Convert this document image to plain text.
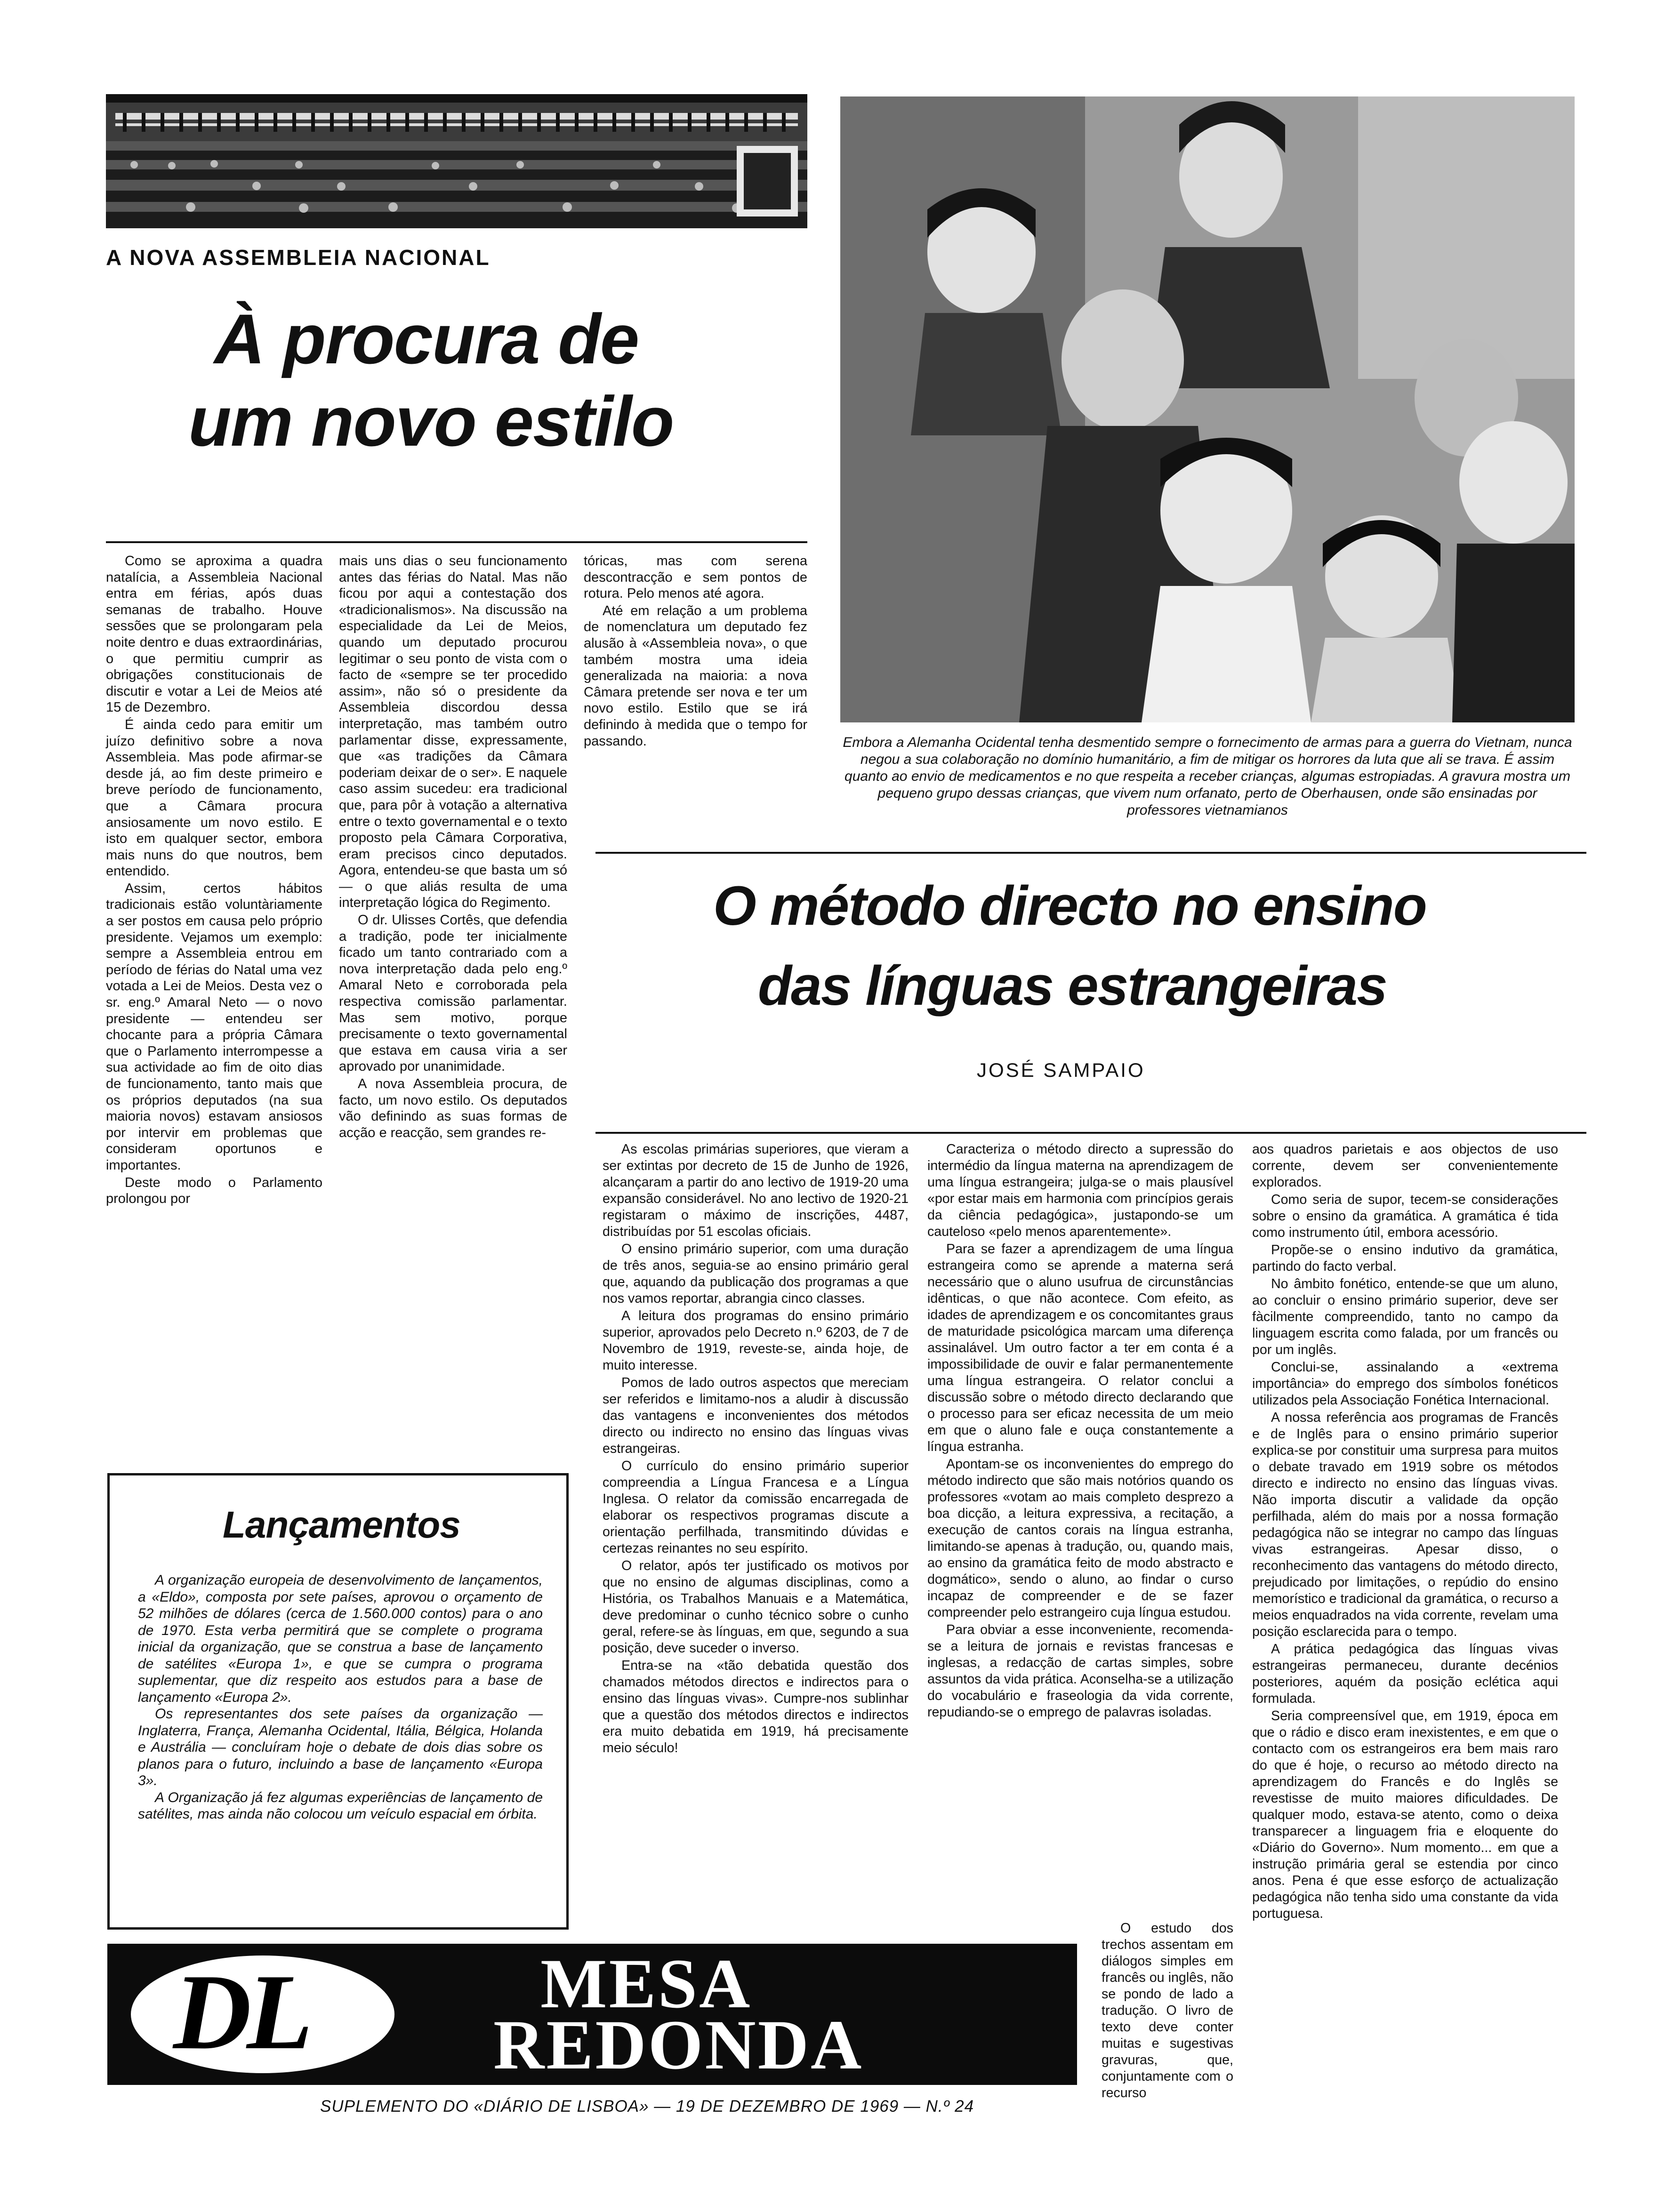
A NOVA ASSEMBLEIA NACIONAL
À procura de
um novo estilo

Como se aproxima a quadra natalícia, a Assembleia Nacional entra em férias, após duas semanas de trabalho. Houve sessões que se prolongaram pela noite dentro e duas extraordinárias, o que permitiu cumprir as obrigações constitucionais de discutir e votar a Lei de Meios até 15 de Dezembro.

É ainda cedo para emitir um juízo definitivo sobre a nova Assembleia. Mas pode afirmar-se desde já, ao fim deste primeiro e breve período de funcionamento, que a Câmara procura ansiosamente um novo estilo. E isto em qualquer sector, embora mais nuns do que noutros, bem entendido.

Assim, certos hábitos tradicionais estão voluntàriamente a ser postos em causa pelo próprio presidente. Vejamos um exemplo: sempre a Assembleia entrou em período de férias do Natal uma vez votada a Lei de Meios. Desta vez o sr. eng.º Amaral Neto — o novo presidente — entendeu ser chocante para a própria Câmara que o Parlamento interrompesse a sua actividade ao fim de oito dias de funcionamento, tanto mais que os próprios deputados (na sua maioria novos) estavam ansiosos por intervir em problemas que consideram oportunos e importantes.

Deste modo o Parlamento prolongou por

mais uns dias o seu funcionamento antes das férias do Natal. Mas não ficou por aqui a contestação dos «tradicionalismos». Na discussão na especialidade da Lei de Meios, quando um deputado procurou legitimar o seu ponto de vista com o facto de «sempre se ter procedido assim», não só o presidente da Assembleia discordou dessa interpretação, mas também outro parlamentar disse, expressamente, que «as tradições da Câmara poderiam deixar de o ser». E naquele caso assim sucedeu: era tradicional que, para pôr à votação a alternativa entre o texto governamental e o texto proposto pela Câmara Corporativa, eram precisos cinco deputados. Agora, entendeu-se que basta um só — o que aliás resulta de uma interpretação lógica do Regimento.

O dr. Ulisses Cortês, que defendia a tradição, pode ter inicialmente ficado um tanto contrariado com a nova interpretação dada pelo eng.º Amaral Neto e corroborada pela respectiva comissão parlamentar. Mas sem motivo, porque precisamente o texto governamental que estava em causa viria a ser aprovado por unanimidade.

A nova Assembleia procura, de facto, um novo estilo. Os deputados vão definindo as suas formas de acção e reacção, sem grandes re-

tóricas, mas com serena descontracção e sem pontos de rotura. Pelo menos até agora.

Até em relação a um problema de nomenclatura um deputado fez alusão à «Assembleia nova», o que também mostra uma ideia generalizada na maioria: a nova Câmara pretende ser nova e ter um novo estilo. Estilo que se irá definindo à medida que o tempo for passando.	Embora a Alemanha Ocidental tenha desmentido sempre o fornecimento de armas para a guerra do Vietnam, nunca negou a sua colaboração no domínio humanitário, a fim de mitigar os horrores da luta que ali se trava. É assim quanto ao envio de medicamentos e no que respeita a receber crianças, algumas estropiadas. A gravura mostra um pequeno grupo dessas crianças, que vivem num orfanato, perto de Oberhausen, onde são ensinadas por professores vietnamianos
O método directo no ensino
das línguas estrangeiras
JOSÉ SAMPAIO

As escolas primárias superiores, que vieram a ser extintas por decreto de 15 de Junho de 1926, alcançaram a partir do ano lectivo de 1919-20 uma expansão considerável. No ano lectivo de 1920-21 registaram o máximo de inscrições, 4487, distribuídas por 51 escolas oficiais.

O ensino primário superior, com uma duração de três anos, seguia-se ao ensino primário geral que, aquando da publicação dos programas a que nos vamos reportar, abrangia cinco classes.

A leitura dos programas do ensino primário superior, aprovados pelo Decreto n.º 6203, de 7 de Novembro de 1919, reveste-se, ainda hoje, de muito interesse.

Pomos de lado outros aspectos que mereciam ser referidos e limitamo-nos a aludir à discussão das vantagens e inconvenientes dos métodos directo ou indirecto no ensino das línguas vivas estrangeiras.

O currículo do ensino primário superior compreendia a Língua Francesa e a Língua Inglesa. O relator da comissão encarregada de elaborar os respectivos programas discute a orientação perfilhada, transmitindo dúvidas e certezas reinantes no seu espírito.

O relator, após ter justificado os motivos por que no ensino de algumas disciplinas, como a História, os Trabalhos Manuais e a Matemática, deve predominar o cunho técnico sobre o cunho geral, refere-se às línguas, em que, segundo a sua posição, deve suceder o inverso.

Entra-se na «tão debatida questão dos chamados métodos directos e indirectos para o ensino das línguas vivas». Cumpre-nos sublinhar que a questão dos métodos directos e indirectos era muito debatida em 1919, há precisamente meio século!

Caracteriza o método directo a supressão do intermédio da língua materna na aprendizagem de uma língua estrangeira; julga-se o mais plausível «por estar mais em harmonia com princípios gerais da ciência pedagógica», justapondo-se um cauteloso «pelo menos aparentemente».

Para se fazer a aprendizagem de uma língua estrangeira como se aprende a materna será necessário que o aluno usufrua de circunstâncias idênticas, o que não acontece. Com efeito, as idades de aprendizagem e os concomitantes graus de maturidade psicológica marcam uma diferença assinalável. Um outro factor a ter em conta é a impossibilidade de ouvir e falar permanentemente uma língua estrangeira. O relator conclui a discussão sobre o método directo declarando que o processo para ser eficaz necessita de um meio em que o aluno fale e ouça constantemente a língua estranha.

Apontam-se os inconvenientes do emprego do método indirecto que são mais notórios quando os professores «votam ao mais completo desprezo a boa dicção, a leitura expressiva, a recitação, a execução de cantos corais na língua estranha, limitando-se apenas à tradução, ou, quando mais, ao ensino da gramática feito de modo abstracto e dogmático», sendo o aluno, ao findar o curso incapaz de compreender e de se fazer compreender pelo estrangeiro cuja língua estudou.

Para obviar a esse inconveniente, recomenda-se a leitura de jornais e revistas francesas e inglesas, a redacção de cartas simples, sobre assuntos da vida prática. Aconselha-se a utilização do vocabulário e fraseologia da vida corrente, repudiando-se o emprego de palavras isoladas.

O estudo dos trechos assentam em diálogos simples em francês ou inglês, não se pondo de lado a tradução. O livro de texto deve conter muitas e sugestivas gravuras, que, conjuntamente com o recurso

aos quadros parietais e aos objectos de uso corrente, devem ser convenientemente explorados.

Como seria de supor, tecem-se considerações sobre o ensino da gramática. A gramática é tida como instrumento útil, embora acessório.

Propõe-se o ensino indutivo da gramática, partindo do facto verbal.

No âmbito fonético, entende-se que um aluno, ao concluir o ensino primário superior, deve ser fàcilmente compreendido, tanto no campo da linguagem escrita como falada, por um francês ou por um inglês.

Conclui-se, assinalando a «extrema importância» do emprego dos símbolos fonéticos utilizados pela Associação Fonética Internacional.

A nossa referência aos programas de Francês e de Inglês para o ensino primário superior explica-se por constituir uma surpresa para muitos o debate travado em 1919 sobre os métodos directo e indirecto no ensino das línguas vivas. Não importa discutir a validade da opção perfilhada, além do mais por a nossa formação pedagógica não se integrar no campo das línguas vivas estrangeiras. Apesar disso, o reconhecimento das vantagens do método directo, prejudicado por limitações, o repúdio do ensino memorístico e tradicional da gramática, o recurso a meios enquadrados na vida corrente, revelam uma posição esclarecida para o tempo.

A prática pedagógica das línguas vivas estrangeiras permaneceu, durante decénios posteriores, aquém da posição eclética aqui formulada.

Seria compreensível que, em 1919, época em que o rádio e disco eram inexistentes, e em que o contacto com os estrangeiros era bem mais raro do que é hoje, o recurso ao método directo na aprendizagem do Francês e do Inglês se revestisse de muito maiores dificuldades. De qualquer modo, estava-se atento, como o deixa transparecer a linguagem fria e eloquente do «Diário do Governo». Num momento... em que a instrução primária geral se estendia por cinco anos. Pena é que esse esforço de actualização pedagógica não tenha sido uma constante da vida portuguesa.

Lançamentos

A organização europeia de desenvolvimento de lançamentos, a «Eldo», composta por sete países, aprovou o orçamento de 52 milhões de dólares (cerca de 1.560.000 contos) para o ano de 1970. Esta verba permitirá que se complete o programa inicial da organização, que se construa a base de lançamento de satélites «Europa 1», e que se cumpra o programa suplementar, que diz respeito aos estudos para a base de lançamento «Europa 2».

Os representantes dos sete países da organização — Inglaterra, França, Alemanha Ocidental, Itália, Bélgica, Holanda e Austrália — concluíram hoje o debate de dois dias sobre os planos para o futuro, incluindo a base de lançamento «Europa 3».

A Organização já fez algumas experiências de lançamento de satélites, mas ainda não colocou um veículo espacial em órbita.

DL	MESA
REDONDA
SUPLEMENTO DO «DIÁRIO DE LISBOA» — 19 DE DEZEMBRO DE 1969 — N.º 24
